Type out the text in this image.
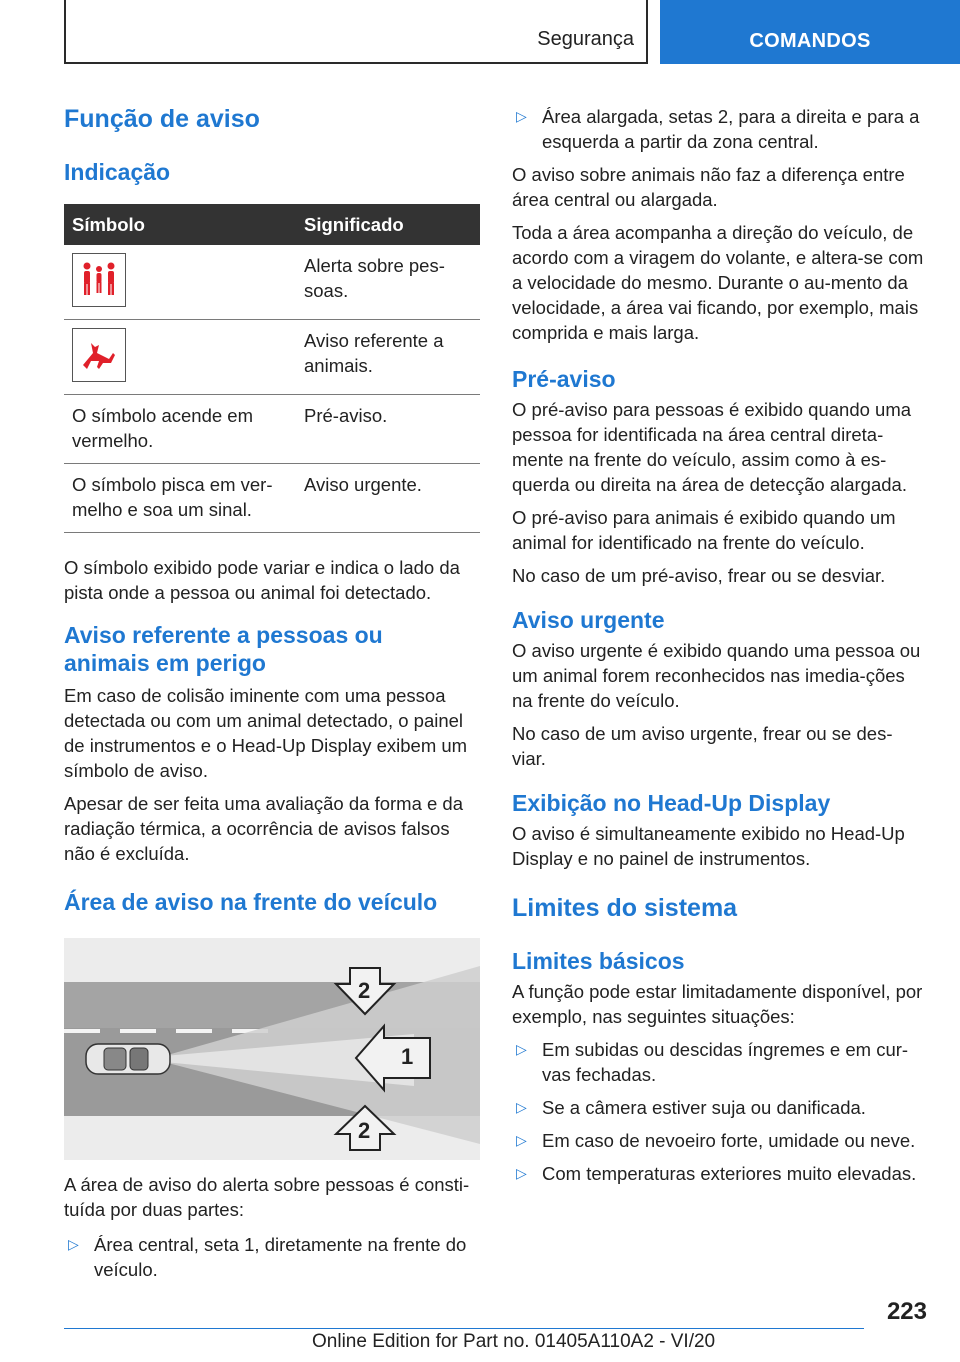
Segurança	COMANDOS
Função de aviso
Indicação
Símbolo	Significado

	Alerta sobre pes-soas.

	Aviso referente a animais.
O símbolo acende em vermelho.	Pré-aviso.
O símbolo pisca em ver-melho e soa um sinal.	Aviso urgente.

O símbolo exibido pode variar e indica o lado da pista onde a pessoa ou animal foi detectado.

Aviso referente a pessoas ou animais em perigo

Em caso de colisão iminente com uma pessoa detectada ou com um animal detectado, o painel de instrumentos e o Head-Up Display exibem um símbolo de aviso.

Apesar de ser feita uma avaliação da forma e da radiação térmica, a ocorrência de avisos falsos não é excluída.

Área de aviso na frente do veículo
2
1
2

A área de aviso do alerta sobre pessoas é consti-tuída por duas partes:

▷ Área central, seta 1, diretamente na frente do veículo.
▷ Área alargada, setas 2, para a direita e para a esquerda a partir da zona central.

O aviso sobre animais não faz a diferença entre área central ou alargada.

Toda a área acompanha a direção do veículo, de acordo com a viragem do volante, e altera-se com a velocidade do mesmo. Durante o au-mento da velocidade, a área vai ficando, por exemplo, mais comprida e mais larga.

Pré-aviso

O pré-aviso para pessoas é exibido quando uma pessoa for identificada na área central direta-mente na frente do veículo, assim como à es-querda ou direita na área de detecção alargada.

O pré-aviso para animais é exibido quando um animal for identificado na frente do veículo.

No caso de um pré-aviso, frear ou se desviar.

Aviso urgente

O aviso urgente é exibido quando uma pessoa ou um animal forem reconhecidos nas imedia-ções na frente do veículo.

No caso de um aviso urgente, frear ou se des-viar.

Exibição no Head-Up Display

O aviso é simultaneamente exibido no Head-Up Display e no painel de instrumentos.

Limites do sistema
Limites básicos

A função pode estar limitadamente disponível, por exemplo, nas seguintes situações:

▷ Em subidas ou descidas íngremes e em cur-vas fechadas.
▷ Se a câmera estiver suja ou danificada.
▷ Em caso de nevoeiro forte, umidade ou neve.
▷ Com temperaturas exteriores muito elevadas.
223
Online Edition for Part no. 01405A110A2 - VI/20
